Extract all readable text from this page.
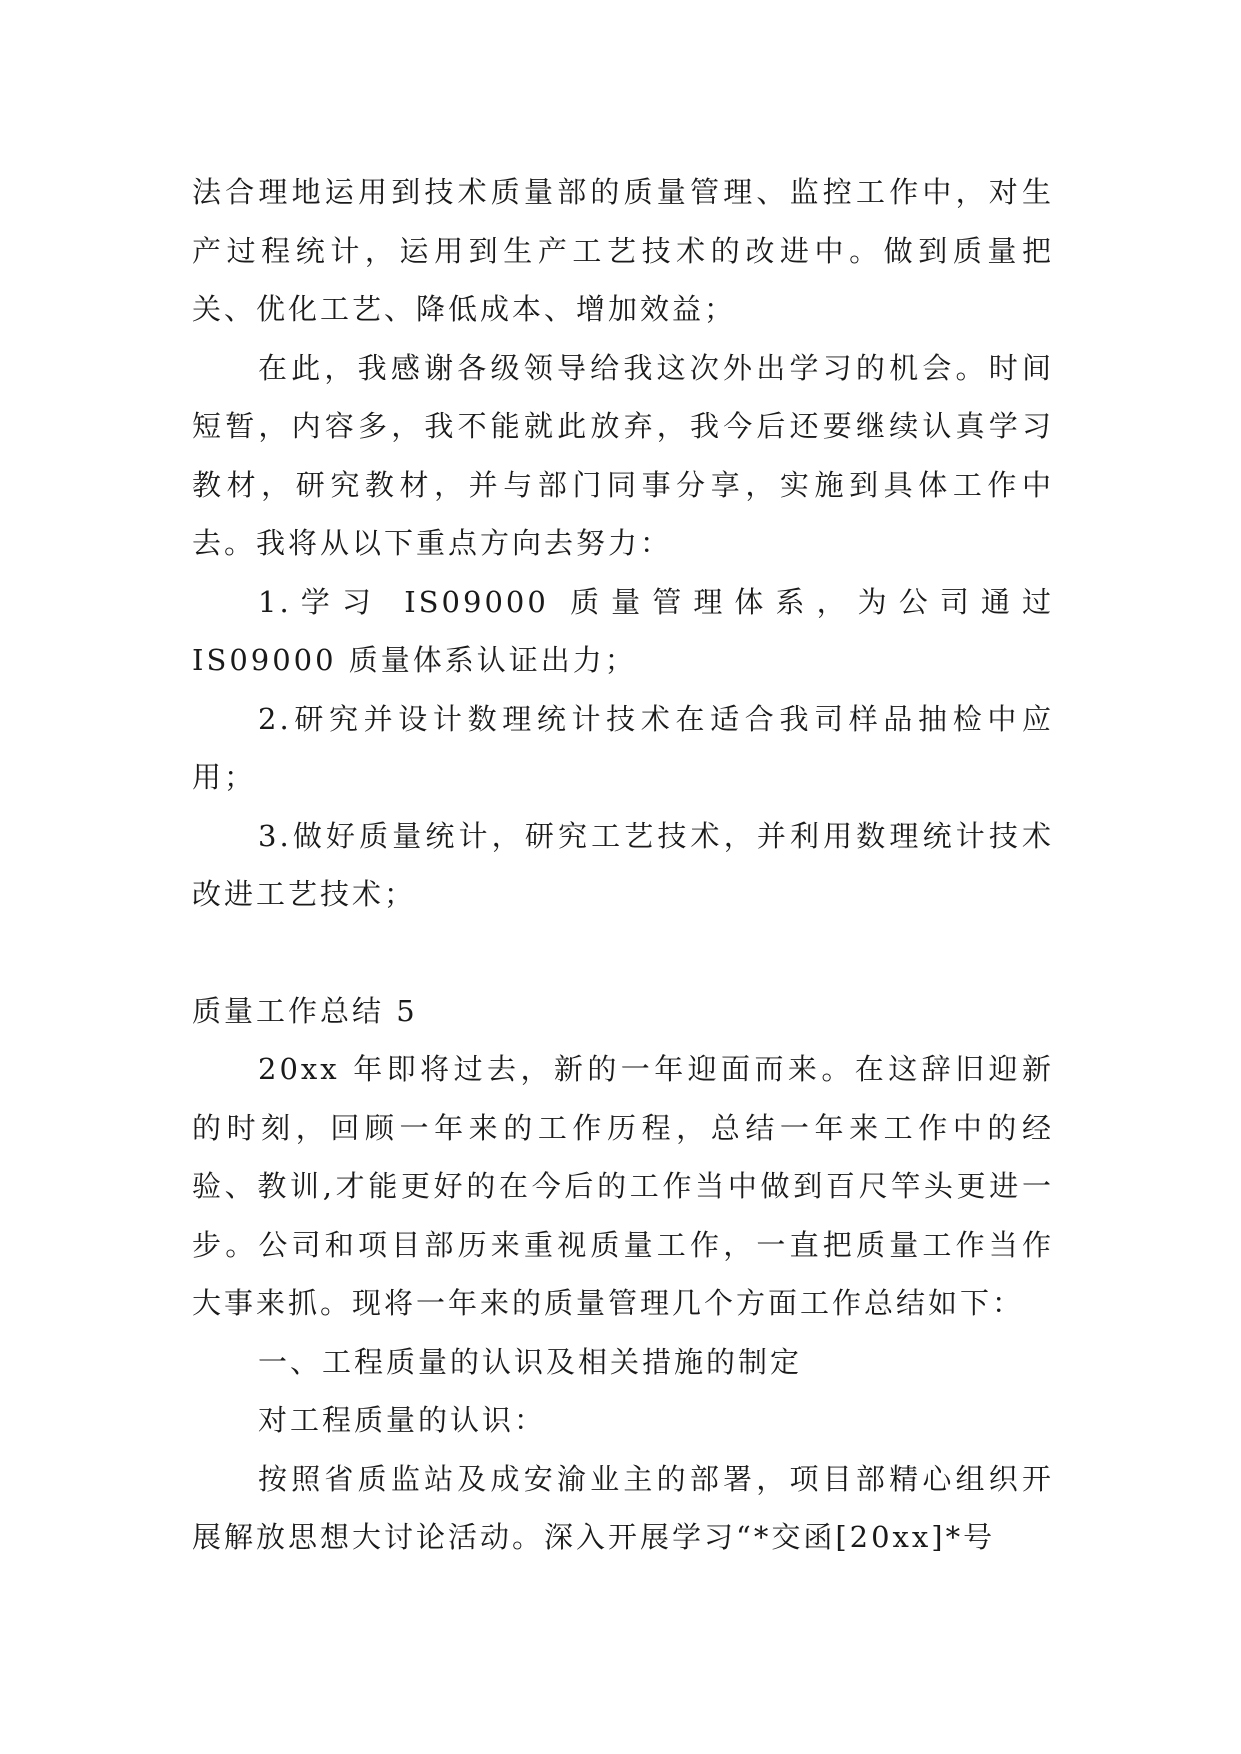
法合理地运用到技术质量部的质量管理、监控工作中，对生产过程统计，运用到生产工艺技术的改进中。做到质量把关、优化工艺、降低成本、增加效益；

在此，我感谢各级领导给我这次外出学习的机会。时间短暂，内容多，我不能就此放弃，我今后还要继续认真学习教材，研究教材，并与部门同事分享，实施到具体工作中去。我将从以下重点方向去努力：

1.学习 IS09000 质量管理体系，为公司通过 IS09000 质量体系认证出力；

2.研究并设计数理统计技术在适合我司样品抽检中应用；

3.做好质量统计，研究工艺技术，并利用数理统计技术改进工艺技术；

质量工作总结 5

20xx 年即将过去，新的一年迎面而来。在这辞旧迎新的时刻，回顾一年来的工作历程，总结一年来工作中的经验、教训,才能更好的在今后的工作当中做到百尺竿头更进一步。公司和项目部历来重视质量工作，一直把质量工作当作大事来抓。现将一年来的质量管理几个方面工作总结如下：

一、工程质量的认识及相关措施的制定

对工程质量的认识：

按照省质监站及成安渝业主的部署，项目部精心组织开展解放思想大讨论活动。深入开展学习“*交函[20xx]*号
